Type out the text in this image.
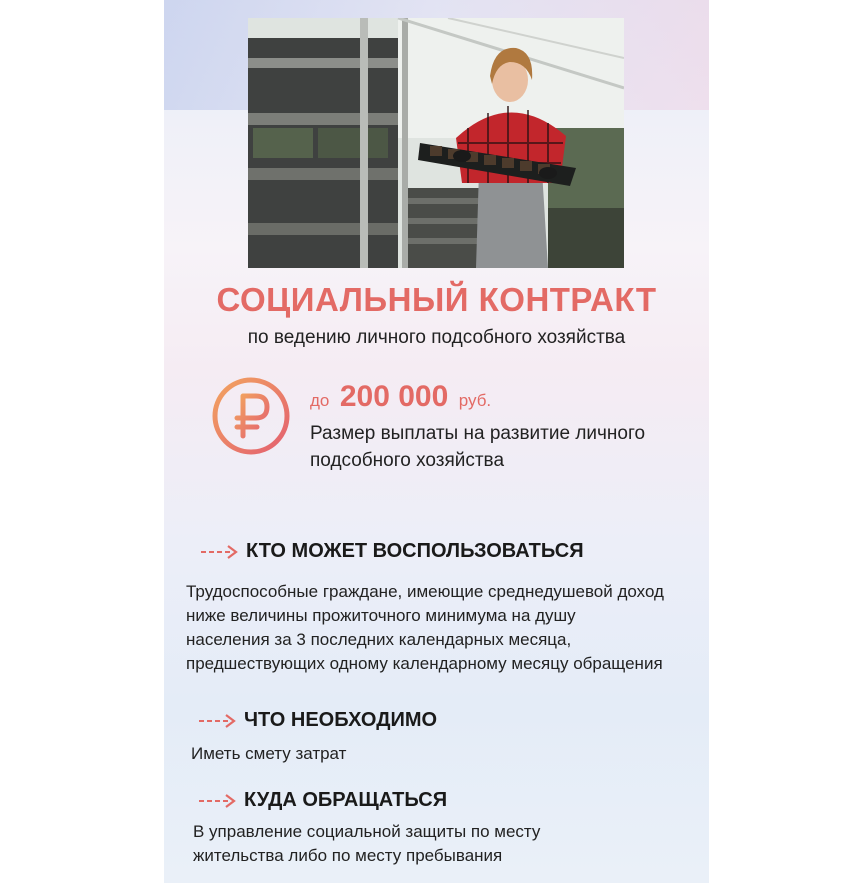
СОЦИАЛЬНЫЙ КОНТРАКТ
по ведению личного подсобного хозяйства
до 200 000 руб.
Размер выплаты на развитие личного подсобного хозяйства
КТО МОЖЕТ ВОСПОЛЬЗОВАТЬСЯ
Трудоспособные граждане, имеющие среднедушевой доход
ниже величины прожиточного минимума на душу
населения за 3 последних календарных месяца,
предшествующих одному календарному месяцу обращения
ЧТО НЕОБХОДИМО
Иметь смету затрат
КУДА ОБРАЩАТЬСЯ
В управление социальной защиты по месту
жительства либо по месту пребывания
